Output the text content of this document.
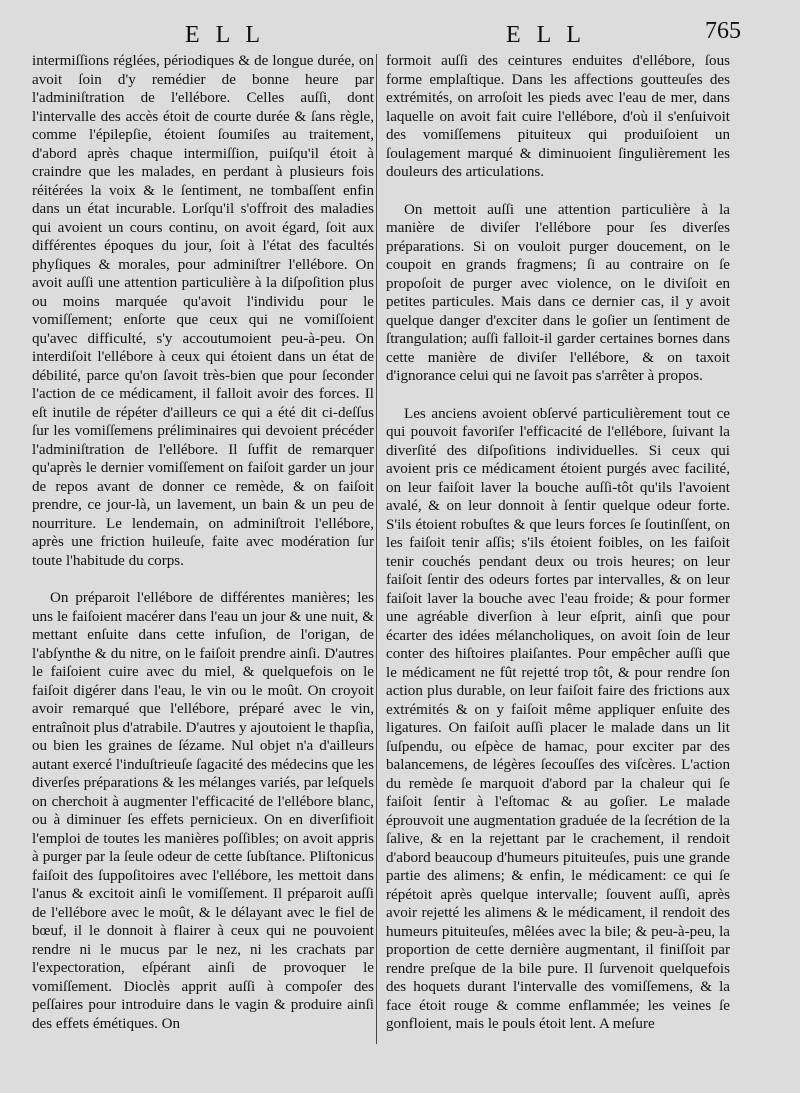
E L L	E L L	765

intermiſſions réglées, périodiques & de longue durée, on avoit ſoin d'y remédier de bonne heure par l'adminiſtration de l'ellébore. Celles auſſi, dont l'intervalle des accès étoit de courte durée & ſans règle, comme l'épilepſie, étoient ſoumiſes au traitement, d'abord après chaque intermiſſion, puiſqu'il étoit à craindre que les malades, en perdant à plusieurs fois réitérées la voix & le ſentiment, ne tombaſſent enfin dans un état incurable. Lorſqu'il s'offroit des maladies qui avoient un cours continu, on avoit égard, ſoit aux différentes époques du jour, ſoit à l'état des facultés phyſiques & morales, pour adminiſtrer l'ellébore. On avoit auſſi une attention particulière à la diſpoſition plus ou moins marquée qu'avoit l'individu pour le vomiſſement; enſorte que ceux qui ne vomiſſoient qu'avec difficulté, s'y accoutumoient peu-à-peu. On interdiſoit l'ellébore à ceux qui étoient dans un état de débilité, parce qu'on ſavoit très-bien que pour ſeconder l'action de ce médicament, il falloit avoir des forces. Il eſt inutile de répéter d'ailleurs ce qui a été dit ci-deſſus ſur les vomiſſemens préliminaires qui devoient précéder l'adminiſtration de l'ellébore. Il ſuffit de remarquer qu'après le dernier vomiſſement on faiſoit garder un jour de repos avant de donner ce remède, & on faiſoit prendre, ce jour-là, un lavement, un bain & un peu de nourriture. Le lendemain, on adminiſtroit l'ellébore, après une friction huileuſe, faite avec modération ſur toute l'habitude du corps.

On préparoit l'ellébore de différentes manières; les uns le faiſoient macérer dans l'eau un jour & une nuit, & mettant enſuite dans cette infuſion, de l'origan, de l'abſynthe & du nitre, on le faiſoit prendre ainſi. D'autres le faiſoient cuire avec du miel, & quelquefois on le faiſoit digérer dans l'eau, le vin ou le moût. On croyoit avoir remarqué que l'ellébore, préparé avec le vin, entraînoit plus d'atrabile. D'autres y ajoutoient le thapſia, ou bien les graines de ſézame. Nul objet n'a d'ailleurs autant exercé l'induſtrieuſe ſagacité des médecins que les diverſes préparations & les mélanges variés, par leſquels on cherchoit à augmenter l'efficacité de l'ellébore blanc, ou à diminuer ſes effets pernicieux. On en diverſifioit l'emploi de toutes les manières poſſibles; on avoit appris à purger par la ſeule odeur de cette ſubſtance. Pliſtonicus faiſoit des ſuppoſitoires avec l'ellébore, les mettoit dans l'anus & excitoit ainſi le vomiſſement. Il préparoit auſſi de l'ellébore avec le moût, & le délayant avec le fiel de bœuf, il le donnoit à flairer à ceux qui ne pouvoient rendre ni le mucus par le nez, ni les crachats par l'expectoration, eſpérant ainſi de provoquer le vomiſſement. Dioclès apprit auſſi à compoſer des peſſaires pour introduire dans le vagin & produire ainſi des effets émétiques. On

formoit auſſi des ceintures enduites d'ellébore, ſous forme emplaſtique. Dans les affections goutteuſes des extrémités, on arroſoit les pieds avec l'eau de mer, dans laquelle on avoit fait cuire l'ellébore, d'où il s'enſuivoit des vomiſſemens pituiteux qui produiſoient un ſoulagement marqué & diminuoient ſingulièrement les douleurs des articulations.

On mettoit auſſi une attention particulière à la manière de diviſer l'ellébore pour ſes diverſes préparations. Si on vouloit purger doucement, on le coupoit en grands fragmens; ſi au contraire on ſe propoſoit de purger avec violence, on le diviſoit en petites particules. Mais dans ce dernier cas, il y avoit quelque danger d'exciter dans le goſier un ſentiment de ſtrangulation; auſſi falloit-il garder certaines bornes dans cette manière de diviſer l'ellébore, & on taxoit d'ignorance celui qui ne ſavoit pas s'arrêter à propos.

Les anciens avoient obſervé particulièrement tout ce qui pouvoit favoriſer l'efficacité de l'ellébore, ſuivant la diverſité des diſpoſitions individuelles. Si ceux qui avoient pris ce médicament étoient purgés avec facilité, on leur faiſoit laver la bouche auſſi-tôt qu'ils l'avoient avalé, & on leur donnoit à ſentir quelque odeur forte. S'ils étoient robuſtes & que leurs forces ſe ſoutinſſent, on les faiſoit tenir aſſis; s'ils étoient foibles, on les faiſoit tenir couchés pendant deux ou trois heures; on leur faiſoit ſentir des odeurs fortes par intervalles, & on leur faiſoit laver la bouche avec l'eau froide; & pour former une agréable diverſion à leur eſprit, ainſi que pour écarter des idées mélancholiques, on avoit ſoin de leur conter des hiſtoires plaiſantes. Pour empêcher auſſi que le médicament ne fût rejetté trop tôt, & pour rendre ſon action plus durable, on leur faiſoit faire des frictions aux extrémités & on y faiſoit même appliquer enſuite des ligatures. On faiſoit auſſi placer le malade dans un lit ſuſpendu, ou eſpèce de hamac, pour exciter par des balancemens, de légères ſecouſſes des viſcères. L'action du remède ſe marquoit d'abord par la chaleur qui ſe faiſoit ſentir à l'eſtomac & au goſier. Le malade éprouvoit une augmentation graduée de la ſecrétion de la ſalive, & en la rejettant par le crachement, il rendoit d'abord beaucoup d'humeurs pituiteuſes, puis une grande partie des alimens; & enfin, le médicament: ce qui ſe répétoit après quelque intervalle; ſouvent auſſi, après avoir rejetté les alimens & le médicament, il rendoit des humeurs pituiteuſes, mêlées avec la bile; & peu-à-peu, la proportion de cette dernière augmentant, il finiſſoit par rendre preſque de la bile pure. Il ſurvenoit quelquefois des hoquets durant l'intervalle des vomiſſemens, & la face étoit rouge & comme enflammée; les veines ſe gonfloient, mais le pouls étoit lent. A meſure
